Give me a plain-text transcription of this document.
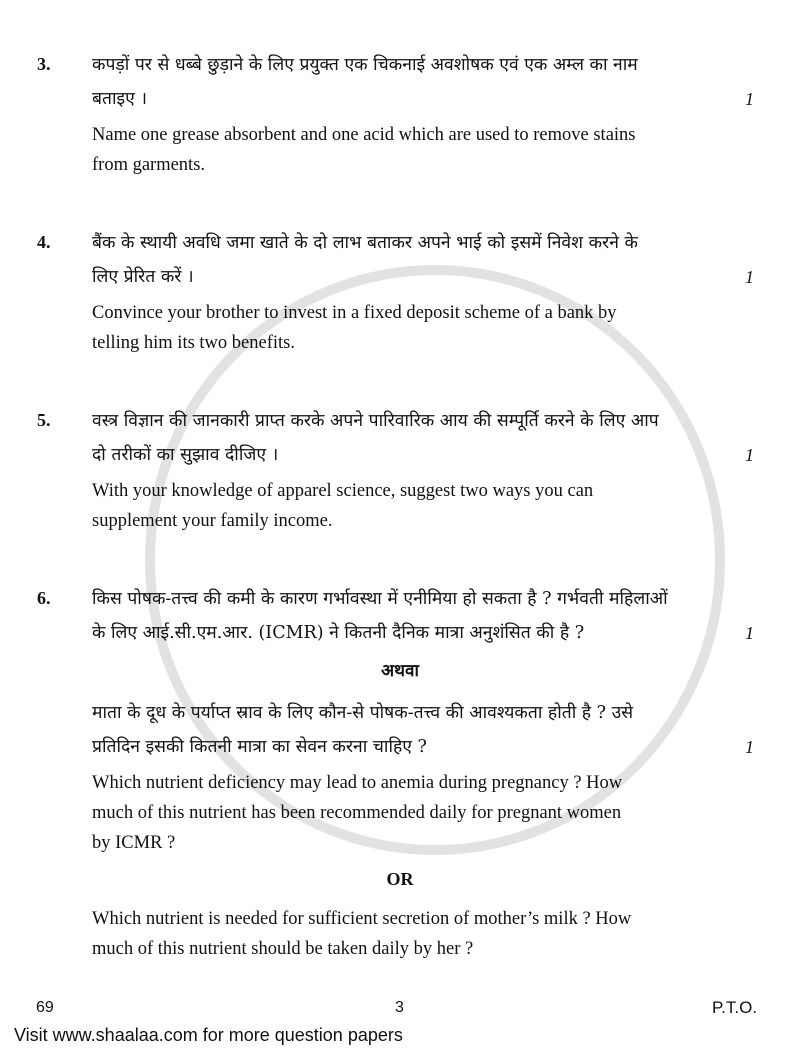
3. कपड़ों पर से धब्बे छुड़ाने के लिए प्रयुक्त एक चिकनाई अवशोषक एवं एक अम्ल का नाम
बताइए ।	1
Name one grease absorbent and one acid which are used to remove stains
from garments.
4. बैंक के स्थायी अवधि जमा खाते के दो लाभ बताकर अपने भाई को इसमें निवेश करने के
लिए प्रेरित करें ।	1
Convince your brother to invest in a fixed deposit scheme of a bank by
telling him its two benefits.
5. वस्त्र विज्ञान की जानकारी प्राप्त करके अपने पारिवारिक आय की सम्पूर्ति करने के लिए आप
दो तरीकों का सुझाव दीजिए ।	1
With your knowledge of apparel science, suggest two ways you can
supplement your family income.
6. किस पोषक-तत्त्व की कमी के कारण गर्भावस्था में एनीमिया हो सकता है ? गर्भवती महिलाओं
के लिए आई.सी.एम.आर. (ICMR) ने कितनी दैनिक मात्रा अनुशंसित की है ?	1
अथवा
माता के दूध के पर्याप्त स्राव के लिए कौन-से पोषक-तत्त्व की आवश्यकता होती है ? उसे
प्रतिदिन इसकी कितनी मात्रा का सेवन करना चाहिए ?	1
Which nutrient deficiency may lead to anemia during pregnancy ? How
much of this nutrient has been recommended daily for pregnant women
by ICMR ?
OR
Which nutrient is needed for sufficient secretion of mother’s milk ? How
much of this nutrient should be taken daily by her ?
69	3	P.T.O.
Visit www.shaalaa.com for more question papers
